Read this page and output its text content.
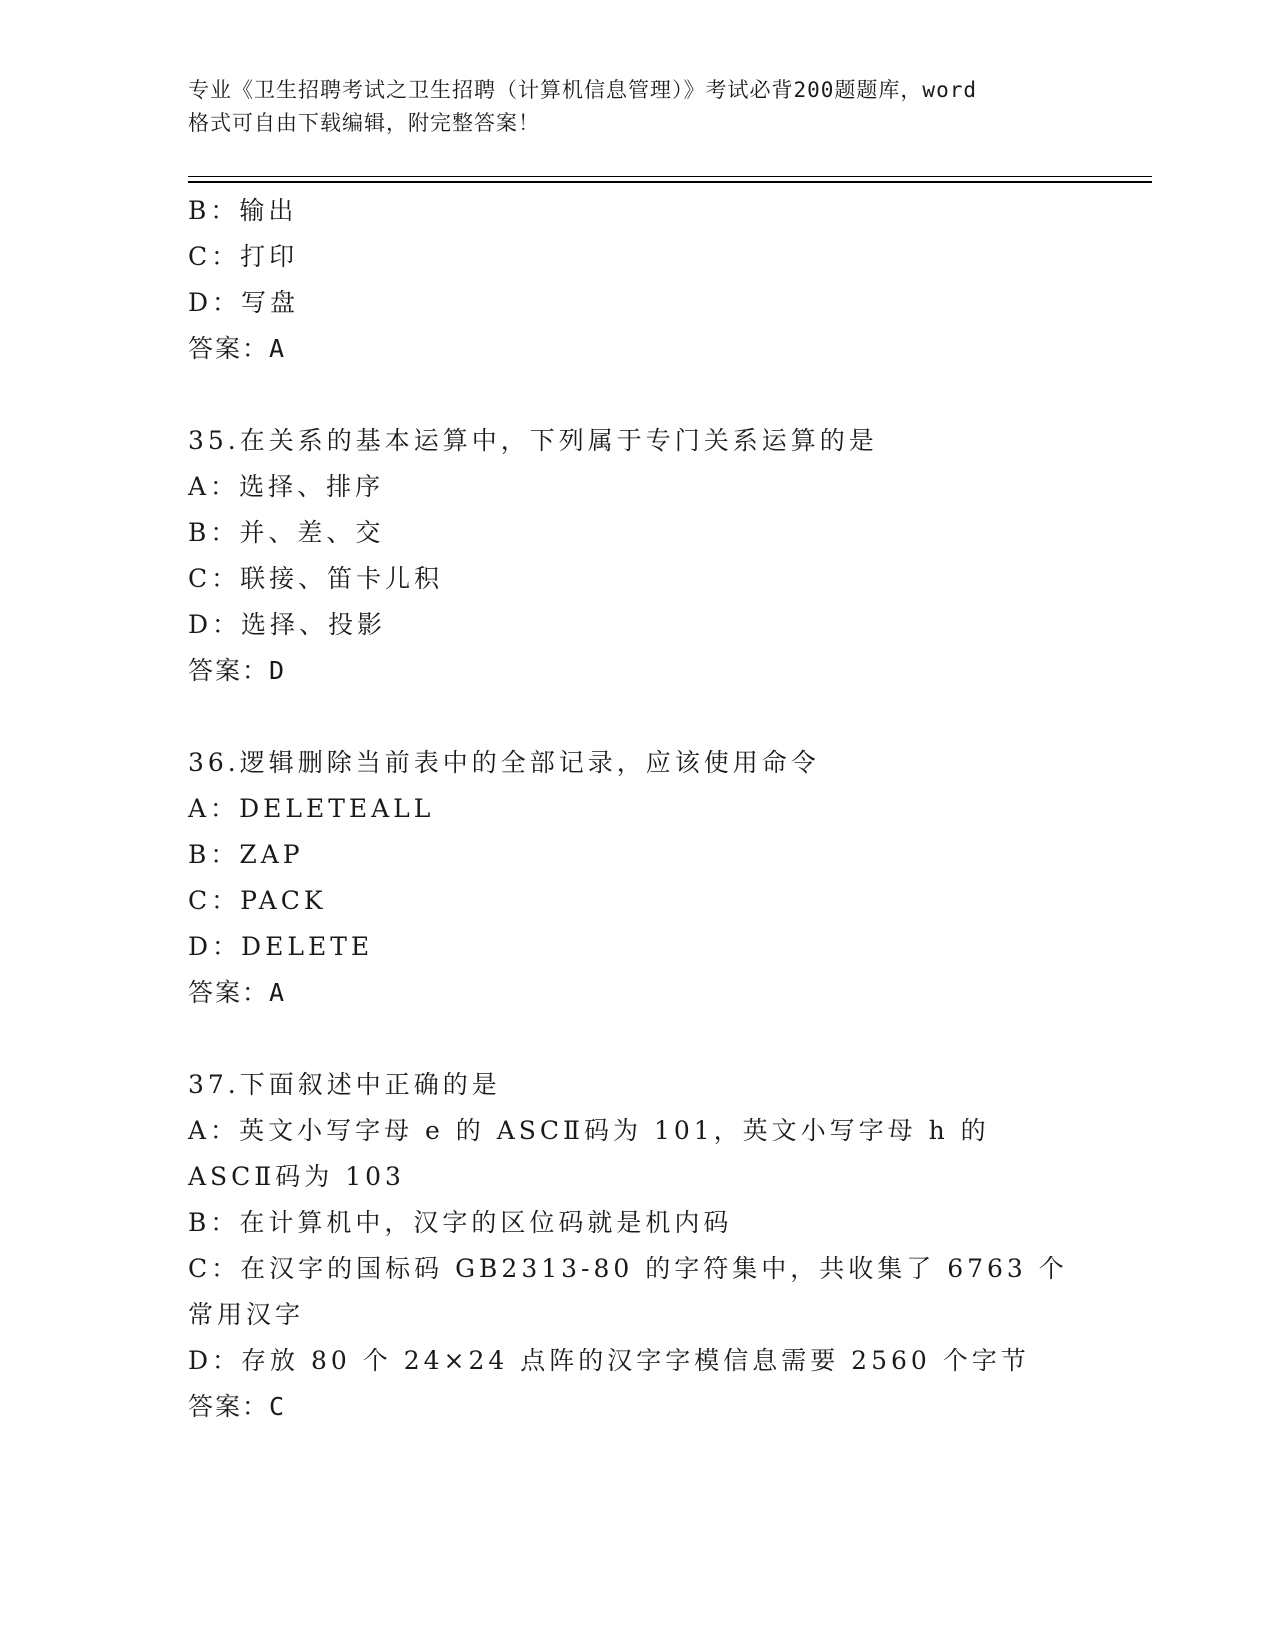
专业《卫生招聘考试之卫生招聘（计算机信息管理）》考试必背200题题库，word
格式可自由下载编辑，附完整答案！
B：输出
C：打印
D：写盘
答案：A
35.在关系的基本运算中，下列属于专门关系运算的是
A：选择、排序
B：并、差、交
C：联接、笛卡儿积
D：选择、投影
答案：D
36.逻辑删除当前表中的全部记录，应该使用命令
A：DELETEALL
B：ZAP
C：PACK
D：DELETE
答案：A
37.下面叙述中正确的是
A：英文小写字母 e 的 ASCⅡ码为 101，英文小写字母 h 的 ASCⅡ码为 103
B：在计算机中，汉字的区位码就是机内码
C：在汉字的国标码 GB2313-80 的字符集中，共收集了 6763 个常用汉字
D：存放 80 个 24×24 点阵的汉字字模信息需要 2560 个字节
答案：C
